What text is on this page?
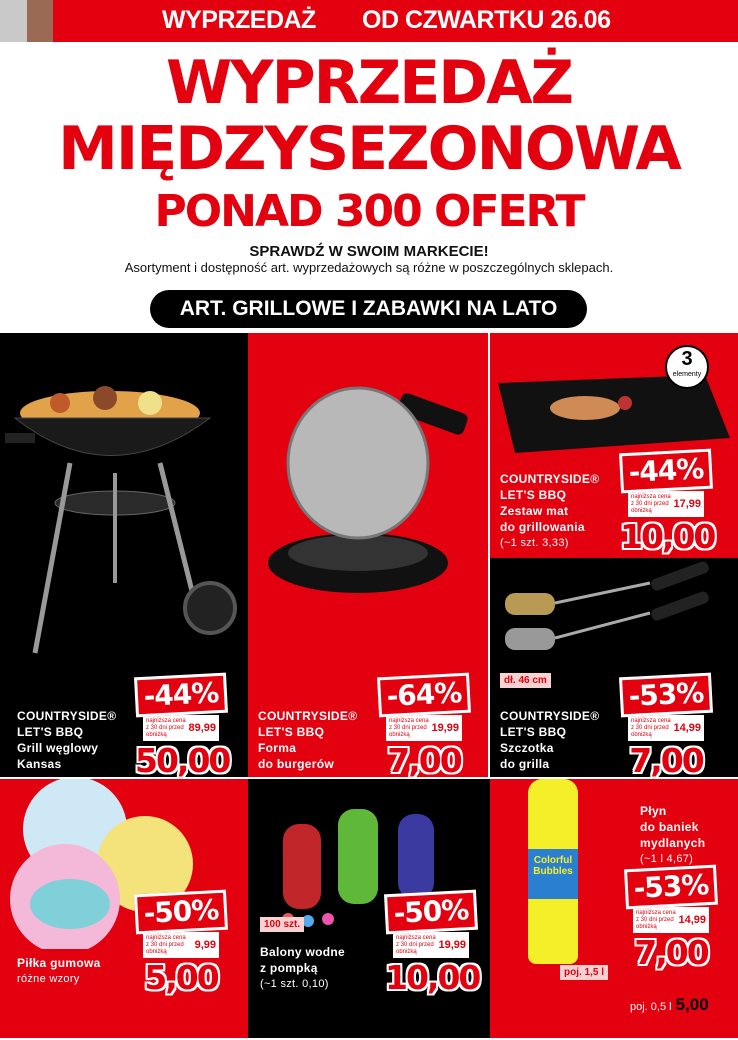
WYPRZEDAŻ OD CZWARTKU 26.06
WYPRZEDAŻ
MIĘDZYSEZONOWA
PONAD 300 OFERT
SPRAWDŹ W SWOIM MARKECIE!
Asortyment i dostępność art. wyprzedażowych są różne w poszczególnych sklepach.
ART. GRILLOWE I ZABAWKI NA LATO
COUNTRYSIDE®
LET'S BBQ
Grill węglowy
Kansas
-44%
najniższa cena z 30 dni przed obniżką
89,99
50,00
COUNTRYSIDE®
LET'S BBQ
Forma
do burgerów
-64%
najniższa cena z 30 dni przed obniżką
19,99
7,00
3
elementy
COUNTRYSIDE®
LET'S BBQ
Zestaw mat
do grillowania
(~1 szt. 3,33)
-44%
najniższa cena z 30 dni przed obniżką
17,99
10,00
dł. 46 cm
COUNTRYSIDE®
LET'S BBQ
Szczotka
do grilla
-53%
najniższa cena z 30 dni przed obniżką
14,99
7,00
Piłka gumowa
różne wzory
-50%
najniższa cena z 30 dni przed obniżką
9,99
5,00
100 szt.
Balony wodne
z pompką
(~1 szt. 0,10)
-50%
najniższa cena z 30 dni przed obniżką
19,99
10,00
Colorful Bubbles
poj. 1,5 l
Płyn
do baniek
mydlanych
(~1 l 4,67)
-53%
najniższa cena z 30 dni przed obniżką
14,99
7,00
poj. 0,5 l 5,00
